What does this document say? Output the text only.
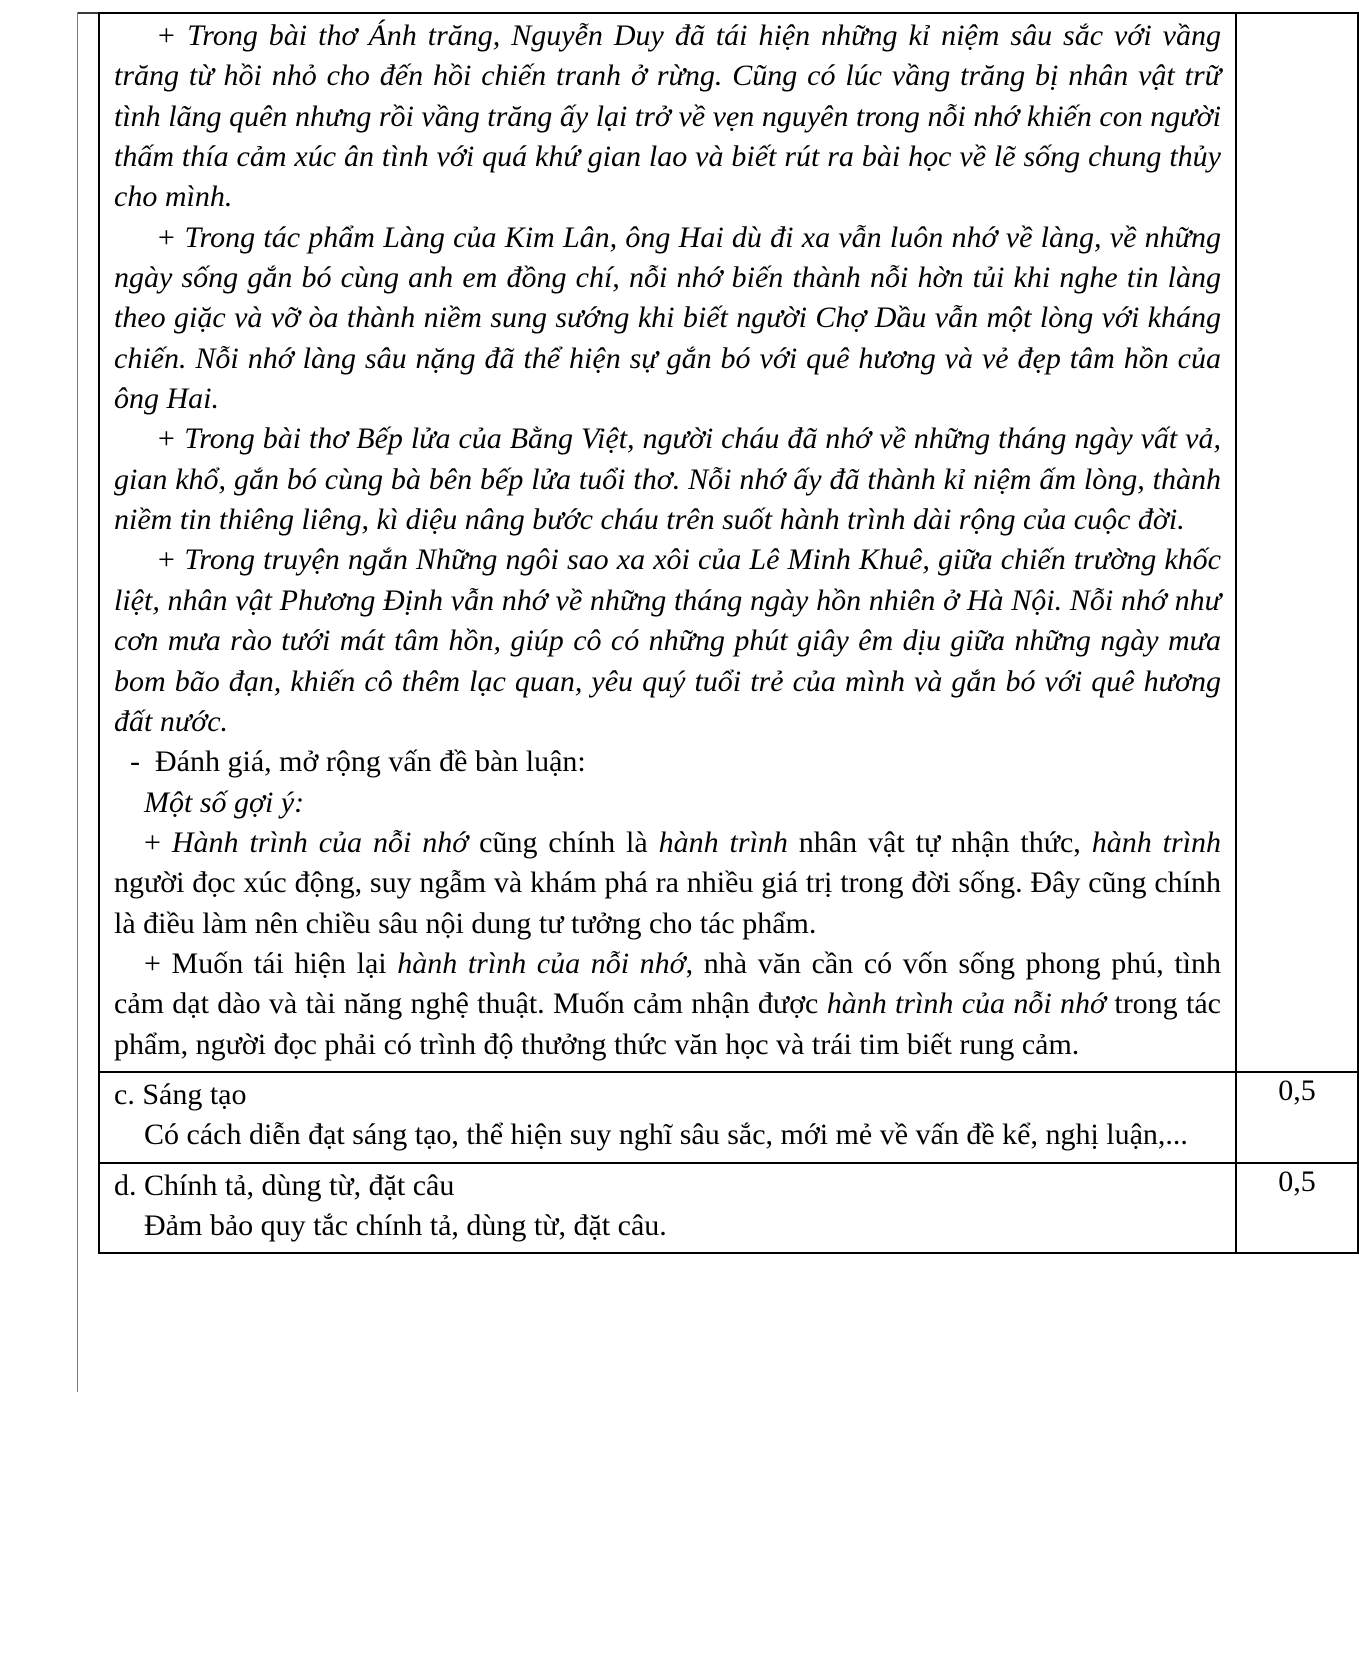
+ Trong bài thơ Ánh trăng, Nguyễn Duy đã tái hiện những kỉ niệm sâu sắc với vầng trăng từ hồi nhỏ cho đến hồi chiến tranh ở rừng. Cũng có lúc vầng trăng bị nhân vật trữ tình lãng quên nhưng rồi vầng trăng ấy lại trở về vẹn nguyên trong nỗi nhớ khiến con người thấm thía cảm xúc ân tình với quá khứ gian lao và biết rút ra bài học về lẽ sống chung thủy cho mình.

+ Trong tác phẩm Làng của Kim Lân, ông Hai dù đi xa vẫn luôn nhớ về làng, về những ngày sống gắn bó cùng anh em đồng chí, nỗi nhớ biến thành nỗi hờn tủi khi nghe tin làng theo giặc và vỡ òa thành niềm sung sướng khi biết người Chợ Dầu vẫn một lòng với kháng chiến. Nỗi nhớ làng sâu nặng đã thể hiện sự gắn bó với quê hương và vẻ đẹp tâm hồn của ông Hai.

+ Trong bài thơ Bếp lửa của Bằng Việt, người cháu đã nhớ về những tháng ngày vất vả, gian khổ, gắn bó cùng bà bên bếp lửa tuổi thơ. Nỗi nhớ ấy đã thành kỉ niệm ấm lòng, thành niềm tin thiêng liêng, kì diệu nâng bước cháu trên suốt hành trình dài rộng của cuộc đời.

+ Trong truyện ngắn Những ngôi sao xa xôi của Lê Minh Khuê, giữa chiến trường khốc liệt, nhân vật Phương Định vẫn nhớ về những tháng ngày hồn nhiên ở Hà Nội. Nỗi nhớ như cơn mưa rào tưới mát tâm hồn, giúp cô có những phút giây êm dịu giữa những ngày mưa bom bão đạn, khiến cô thêm lạc quan, yêu quý tuổi trẻ của mình và gắn bó với quê hương đất nước.

- Đánh giá, mở rộng vấn đề bàn luận:

Một số gợi ý:

+ Hành trình của nỗi nhớ cũng chính là hành trình nhân vật tự nhận thức, hành trình người đọc xúc động, suy ngẫm và khám phá ra nhiều giá trị trong đời sống. Đây cũng chính là điều làm nên chiều sâu nội dung tư tưởng cho tác phẩm.

+ Muốn tái hiện lại hành trình của nỗi nhớ, nhà văn cần có vốn sống phong phú, tình cảm dạt dào và tài năng nghệ thuật. Muốn cảm nhận được hành trình của nỗi nhớ trong tác phẩm, người đọc phải có trình độ thưởng thức văn học và trái tim biết rung cảm.

c. Sáng tạo

Có cách diễn đạt sáng tạo, thể hiện suy nghĩ sâu sắc, mới mẻ về vấn đề kể, nghị luận,...	0,5

d. Chính tả, dùng từ, đặt câu

Đảm bảo quy tắc chính tả, dùng từ, đặt câu.	0,5
